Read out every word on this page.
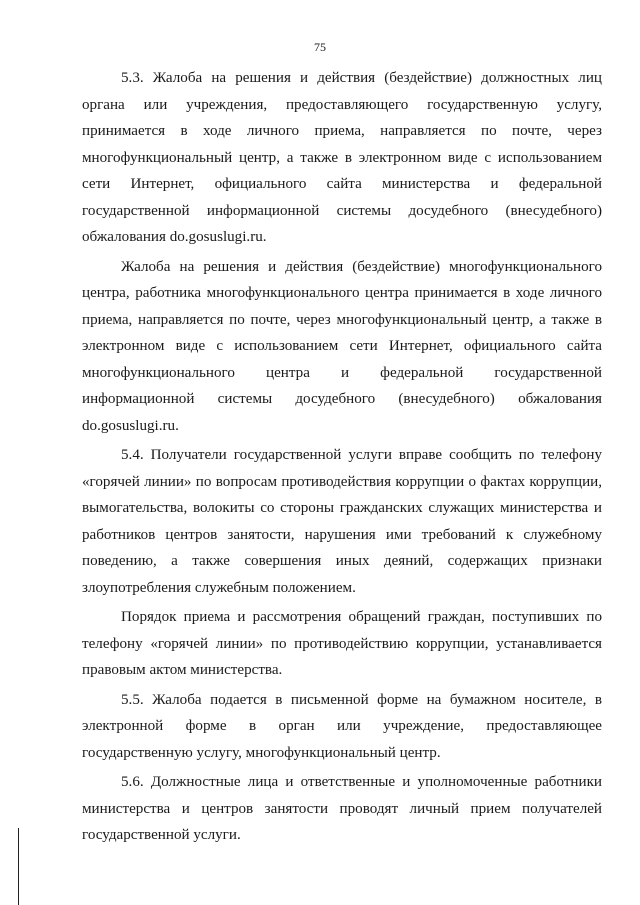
75

5.3. Жалоба на решения и действия (бездействие) должностных лиц органа или учреждения, предоставляющего государственную услугу, принимается в ходе личного приема, направляется по почте, через многофункциональный центр, а также в электронном виде с использованием сети Интернет, официального сайта министерства и федеральной государственной информационной системы досудебного (внесудебного) обжалования do.gosuslugi.ru.

Жалоба на решения и действия (бездействие) многофункционального центра, работника многофункционального центра принимается в ходе личного приема, направляется по почте, через многофункциональный центр, а также в электронном виде с использованием сети Интернет, официального сайта многофункционального центра и федеральной государственной информационной системы досудебного (внесудебного) обжалования do.gosuslugi.ru.

5.4. Получатели государственной услуги вправе сообщить по телефону «горячей линии» по вопросам противодействия коррупции о фактах коррупции, вымогательства, волокиты со стороны гражданских служащих министерства и работников центров занятости, нарушения ими требований к служебному поведению, а также совершения иных деяний, содержащих признаки злоупотребления служебным положением.

Порядок приема и рассмотрения обращений граждан, поступивших по телефону «горячей линии» по противодействию коррупции, устанавливается правовым актом министерства.

5.5. Жалоба подается в письменной форме на бумажном носителе, в электронной форме в орган или учреждение, предоставляющее государственную услугу, многофункциональный центр.

5.6. Должностные лица и ответственные и уполномоченные работники министерства и центров занятости проводят личный прием получателей государственной услуги.
